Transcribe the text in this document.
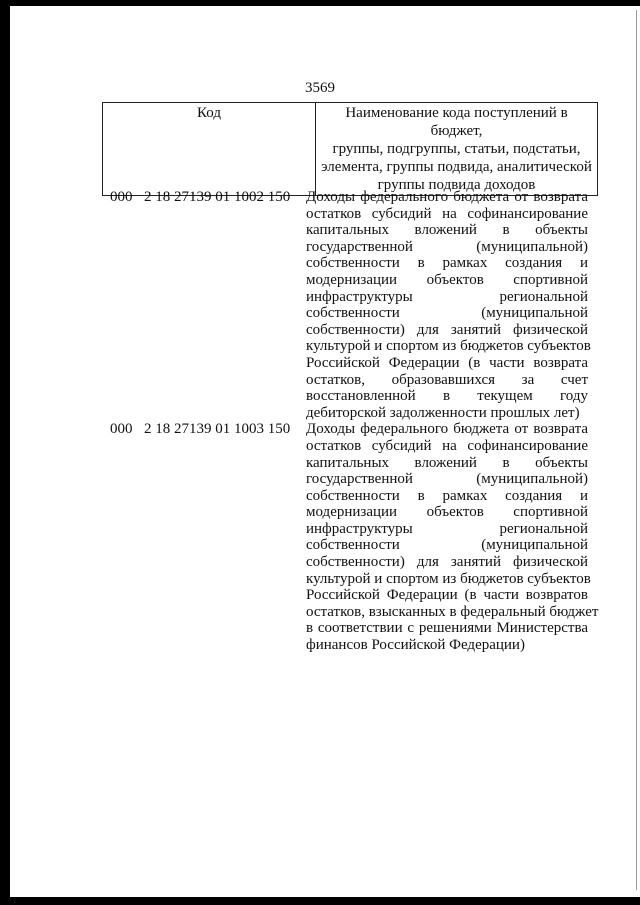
3569
Код	Наименование кода поступлений в бюджет,
группы, подгруппы, статьи, подстатьи,
элемента, группы подвида, аналитической
группы подвида доходов
000 2 18 27139 01 1002 150	Доходы федерального бюджета от возврата
остатков субсидий на софинансирование
капитальных вложений в объекты
государственной (муниципальной)
собственности в рамках создания и
модернизации объектов спортивной
инфраструктуры региональной
собственности (муниципальной
собственности) для занятий физической
культурой и спортом из бюджетов субъектов
Российской Федерации (в части возврата
остатков, образовавшихся за счет
восстановленной в текущем году
дебиторской задолженности прошлых лет)
000 2 18 27139 01 1003 150	Доходы федерального бюджета от возврата
остатков субсидий на софинансирование
капитальных вложений в объекты
государственной (муниципальной)
собственности в рамках создания и
модернизации объектов спортивной
инфраструктуры региональной
собственности (муниципальной
собственности) для занятий физической
культурой и спортом из бюджетов субъектов
Российской Федерации (в части возвратов
остатков, взысканных в федеральный бюджет
в соответствии с решениями Министерства
финансов Российской Федерации)
